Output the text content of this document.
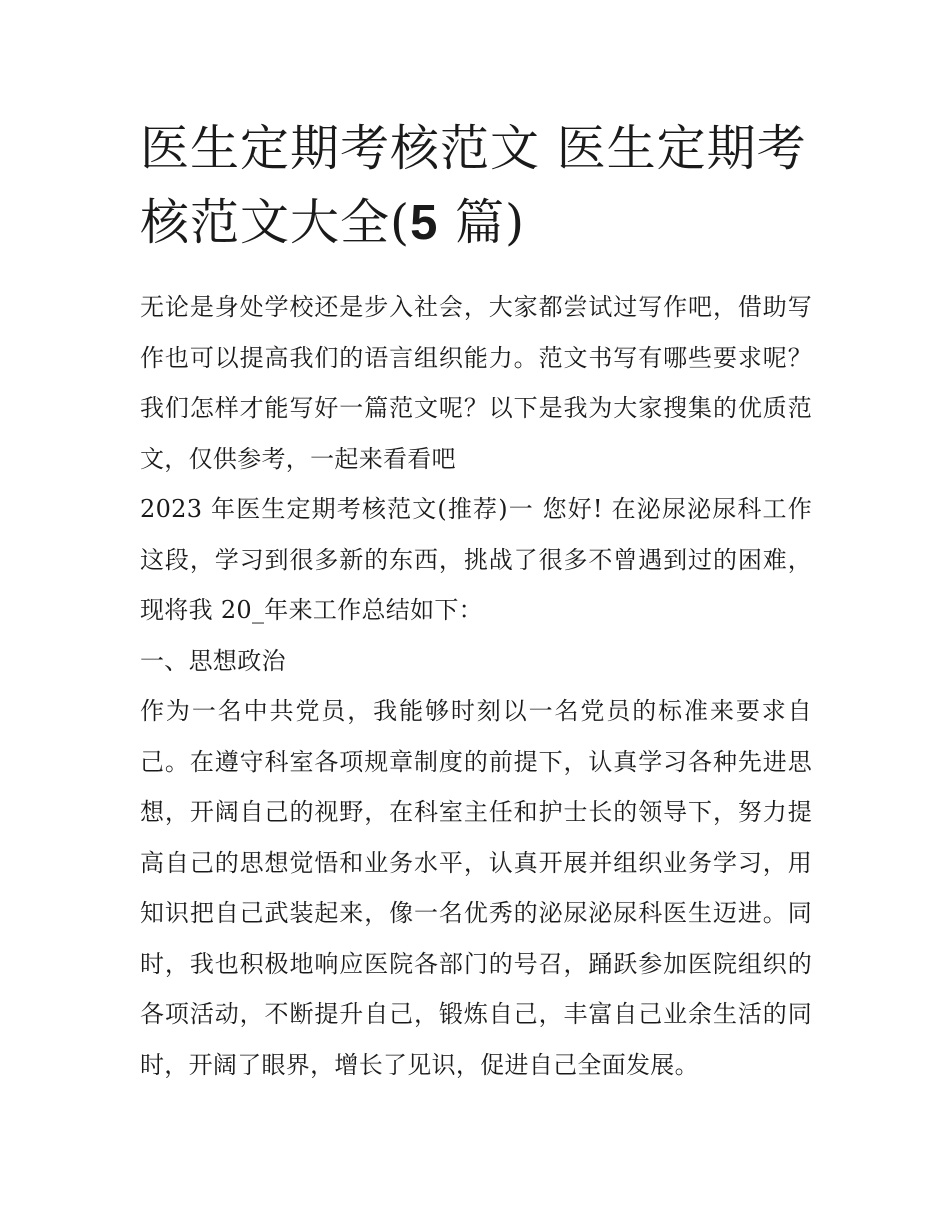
医生定期考核范文 医生定期考核范文大全(5 篇)

无论是身处学校还是步入社会，大家都尝试过写作吧，借助写作也可以提高我们的语言组织能力。范文书写有哪些要求呢？我们怎样才能写好一篇范文呢？以下是我为大家搜集的优质范文，仅供参考，一起来看看吧

2023 年医生定期考核范文(推荐)一 您好! 在泌尿泌尿科工作这段，学习到很多新的东西，挑战了很多不曾遇到过的困难，现将我 20_年来工作总结如下：

一、思想政治

作为一名中共党员，我能够时刻以一名党员的标准来要求自己。在遵守科室各项规章制度的前提下，认真学习各种先进思想，开阔自己的视野，在科室主任和护士长的领导下，努力提高自己的思想觉悟和业务水平，认真开展并组织业务学习，用知识把自己武装起来，像一名优秀的泌尿泌尿科医生迈进。同时，我也积极地响应医院各部门的号召，踊跃参加医院组织的各项活动，不断提升自己，锻炼自己，丰富自己业余生活的同时，开阔了眼界，增长了见识，促进自己全面发展。
